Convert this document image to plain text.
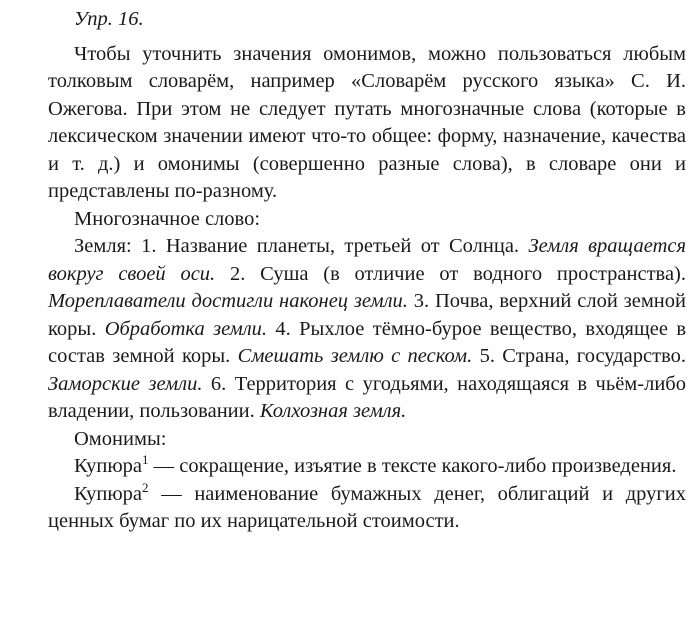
Упр. 16.

Чтобы уточнить значения омонимов, можно пользоваться любым толковым словарём, например «Словарём русского языка» С. И. Ожегова. При этом не следует путать многозначные слова (которые в лексическом значении имеют что-то общее: форму, назначение, качества и т. д.) и омонимы (совершенно разные слова), в словаре они и представлены по-разному.

Многозначное слово:

Земля: 1. Название планеты, третьей от Солнца. Земля вращается вокруг своей оси. 2. Суша (в отличие от водного пространства). Мореплаватели достигли наконец земли. 3. Почва, верхний слой земной коры. Обработка земли. 4. Рыхлое тёмно-бурое вещество, входящее в состав земной коры. Смешать землю с песком. 5. Страна, государство. Заморские земли. 6. Территория с угодьями, находящаяся в чьём-либо владении, пользовании. Колхозная земля.

Омонимы:

Купюра$^1$ — сокращение, изъятие в тексте какого-либо произведения.

Купюра$^2$ — наименование бумажных денег, облигаций и других ценных бумаг по их нарицательной стоимости.
